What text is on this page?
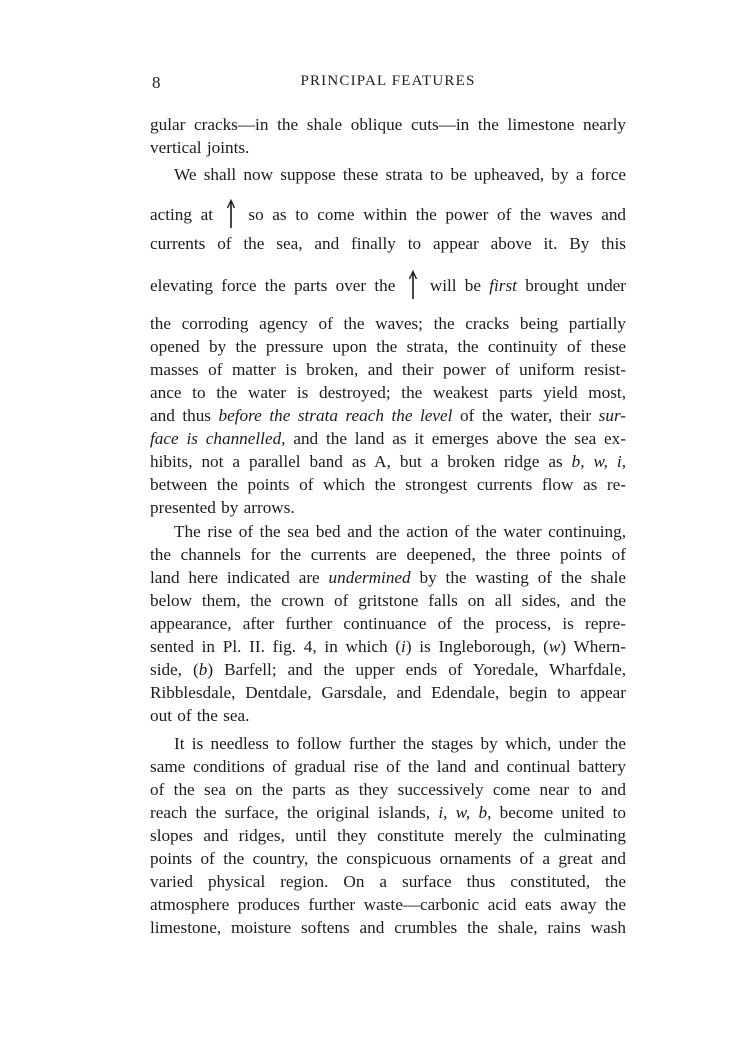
8	PRINCIPAL FEATURES
gular cracks—in the shale oblique cuts—in the limestone nearly
vertical joints.
We shall now suppose these strata to be upheaved, by a force
acting at so as to come within the power of the waves and
currents of the sea, and finally to appear above it. By this
elevating force the parts over the will be first brought under
the corroding agency of the waves; the cracks being partially
opened by the pressure upon the strata, the continuity of these
masses of matter is broken, and their power of uniform resist-
ance to the water is destroyed; the weakest parts yield most,
and thus before the strata reach the level of the water, their sur-
face is channelled, and the land as it emerges above the sea ex-
hibits, not a parallel band as A, but a broken ridge as b, w, i,
between the points of which the strongest currents flow as re-
presented by arrows.
The rise of the sea bed and the action of the water continuing,
the channels for the currents are deepened, the three points of
land here indicated are undermined by the wasting of the shale
below them, the crown of gritstone falls on all sides, and the
appearance, after further continuance of the process, is repre-
sented in Pl. II. fig. 4, in which (i) is Ingleborough, (w) Whern-
side, (b) Barfell; and the upper ends of Yoredale, Wharfdale,
Ribblesdale, Dentdale, Garsdale, and Edendale, begin to appear
out of the sea.
It is needless to follow further the stages by which, under the
same conditions of gradual rise of the land and continual battery
of the sea on the parts as they successively come near to and
reach the surface, the original islands, i, w, b, become united to
slopes and ridges, until they constitute merely the culminating
points of the country, the conspicuous ornaments of a great and
varied physical region. On a surface thus constituted, the
atmosphere produces further waste—carbonic acid eats away the
limestone, moisture softens and crumbles the shale, rains wash
